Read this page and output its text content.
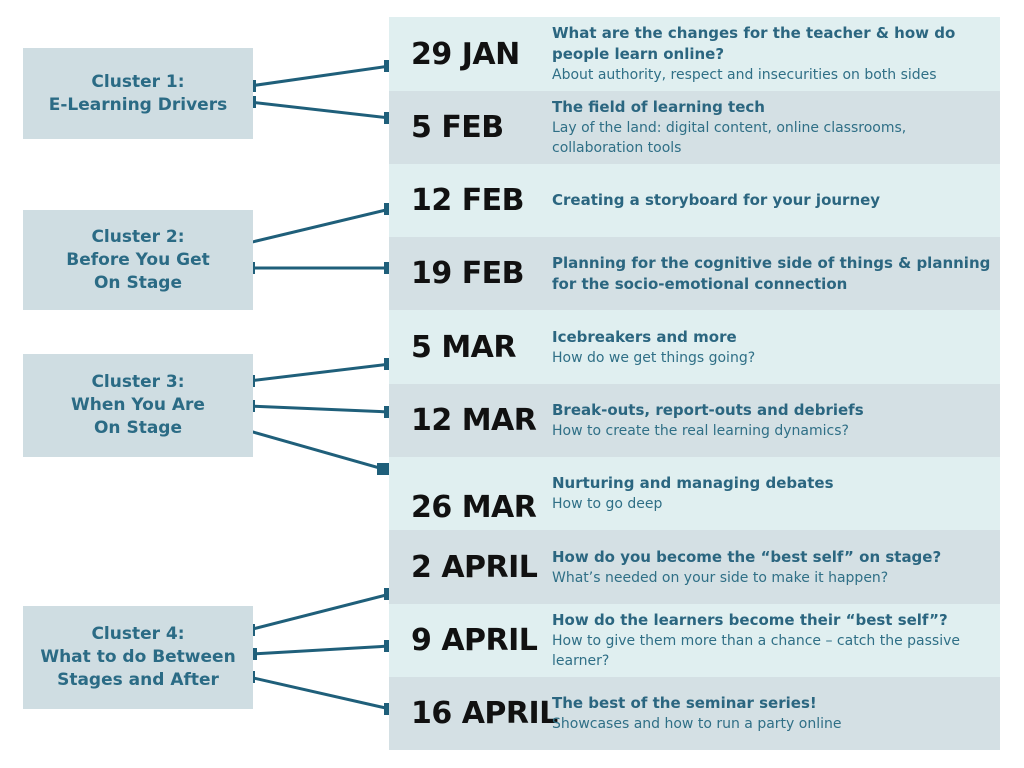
Cluster 1:
E-Learning Drivers
Cluster 2:
Before You Get
On Stage
Cluster 3:
When You Are
On Stage
Cluster 4:
What to do Between
Stages and After
29 JAN
What are the changes for the teacher & how do people learn online?
About authority, respect and insecurities on both sides
5 FEB
The field of learning tech
Lay of the land: digital content, online classrooms, collaboration tools
12 FEB Creating a storyboard for your journey
19 FEB Planning for the cognitive side of things & planning for the socio-emotional connection
5 MAR Icebreakers and more
How do we get things going?
12 MAR Break-outs, report-outs and debriefs
How to create the real learning dynamics?
26 MAR
Nurturing and managing debates
How to go deep
2 APRIL How do you become the “best self” on stage?
What’s needed on your side to make it happen?
9 APRIL
How do the learners become their “best self”?
How to give them more than a chance – catch the passive learner?
16 APRIL
The best of the seminar series!
Showcases and how to run a party online
